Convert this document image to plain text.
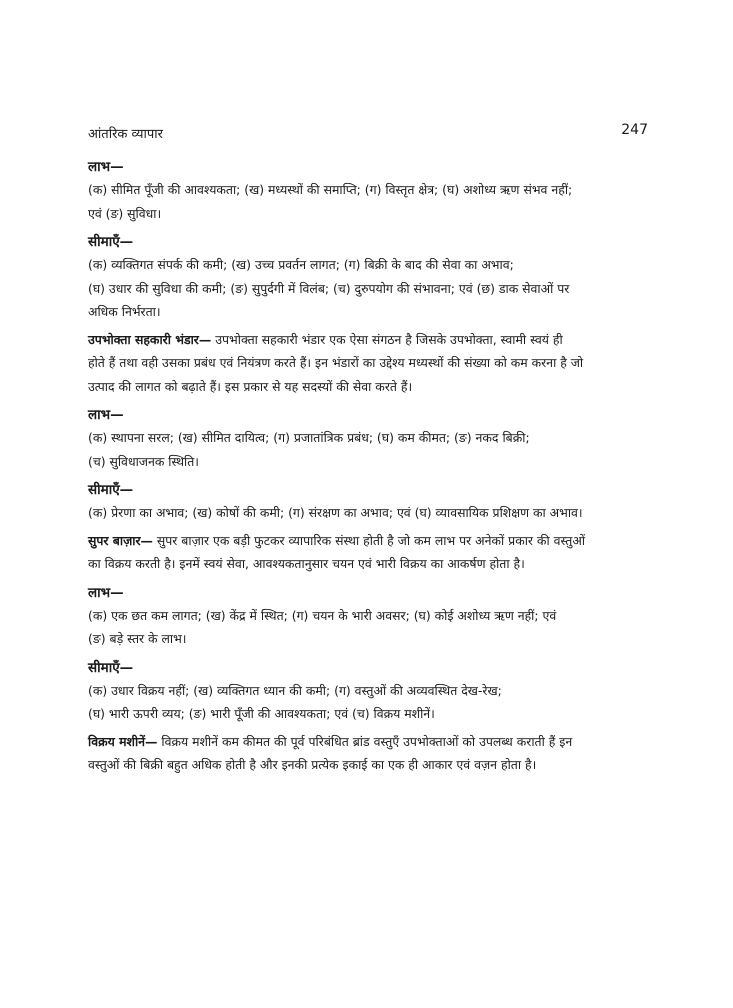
आंतरिक व्यापार	247

लाभ—

(क) सीमित पूँजी की आवश्यकता; (ख) मध्यस्थों की समाप्ति; (ग) विस्तृत क्षेत्र; (घ) अशोध्य ऋण संभव नहीं;

एवं (ङ) सुविधा।

सीमाएँ—

(क) व्यक्तिगत संपर्क की कमी; (ख) उच्च प्रवर्तन लागत; (ग) बिक्री के बाद की सेवा का अभाव;

(घ) उधार की सुविधा की कमी; (ङ) सुपुर्दगी में विलंब; (च) दुरुपयोग की संभावना; एवं (छ) डाक सेवाओं पर

अधिक निर्भरता।

उपभोक्ता सहकारी भंडार— उपभोक्ता सहकारी भंडार एक ऐसा संगठन है जिसके उपभोक्ता, स्वामी स्वयं ही

होते हैं तथा वही उसका प्रबंध एवं नियंत्रण करते हैं। इन भंडारों का उद्देश्य मध्यस्थों की संख्या को कम करना है जो

उत्पाद की लागत को बढ़ाते हैं। इस प्रकार से यह सदस्यों की सेवा करते हैं।

लाभ—

(क) स्थापना सरल; (ख) सीमित दायित्व; (ग) प्रजातांत्रिक प्रबंध; (घ) कम कीमत; (ङ) नकद बिक्री;

(च) सुविधाजनक स्थिति।

सीमाएँ—

(क) प्रेरणा का अभाव; (ख) कोषों की कमी; (ग) संरक्षण का अभाव; एवं (घ) व्यावसायिक प्रशिक्षण का अभाव।

सुपर बाज़ार— सुपर बाज़ार एक बड़ी फुटकर व्यापारिक संस्था होती है जो कम लाभ पर अनेकों प्रकार की वस्तुओं

का विक्रय करती है। इनमें स्वयं सेवा, आवश्यकतानुसार चयन एवं भारी विक्रय का आकर्षण होता है।

लाभ—

(क) एक छत कम लागत; (ख) केंद्र में स्थित; (ग) चयन के भारी अवसर; (घ) कोई अशोध्य ऋण नहीं; एवं

(ङ) बड़े स्तर के लाभ।

सीमाएँ—

(क) उधार विक्रय नहीं; (ख) व्यक्तिगत ध्यान की कमी; (ग) वस्तुओं की अव्यवस्थित देख-रेख;

(घ) भारी ऊपरी व्यय; (ङ) भारी पूँजी की आवश्यकता; एवं (च) विक्रय मशीनें।

विक्रय मशीनें— विक्रय मशीनें कम कीमत की पूर्व परिबंधित ब्रांड वस्तुएँ उपभोक्ताओं को उपलब्ध कराती हैं इन

वस्तुओं की बिक्री बहुत अधिक होती है और इनकी प्रत्येक इकाई का एक ही आकार एवं वज़न होता है।
